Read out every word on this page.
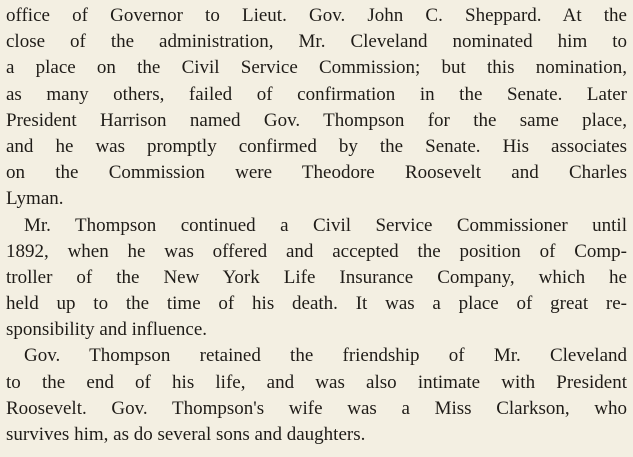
office of Governor to Lieut. Gov. John C. Sheppard. At the
close of the administration, Mr. Cleveland nominated him to
a place on the Civil Service Commission; but this nomination,
as many others, failed of confirmation in the Senate. Later
President Harrison named Gov. Thompson for the same place,
and he was promptly confirmed by the Senate. His associates
on the Commission were Theodore Roosevelt and Charles
Lyman.
Mr. Thompson continued a Civil Service Commissioner until
1892, when he was offered and accepted the position of Comp-
troller of the New York Life Insurance Company, which he
held up to the time of his death. It was a place of great re-
sponsibility and influence.
Gov. Thompson retained the friendship of Mr. Cleveland
to the end of his life, and was also intimate with President
Roosevelt. Gov. Thompson's wife was a Miss Clarkson, who
survives him, as do several sons and daughters.
